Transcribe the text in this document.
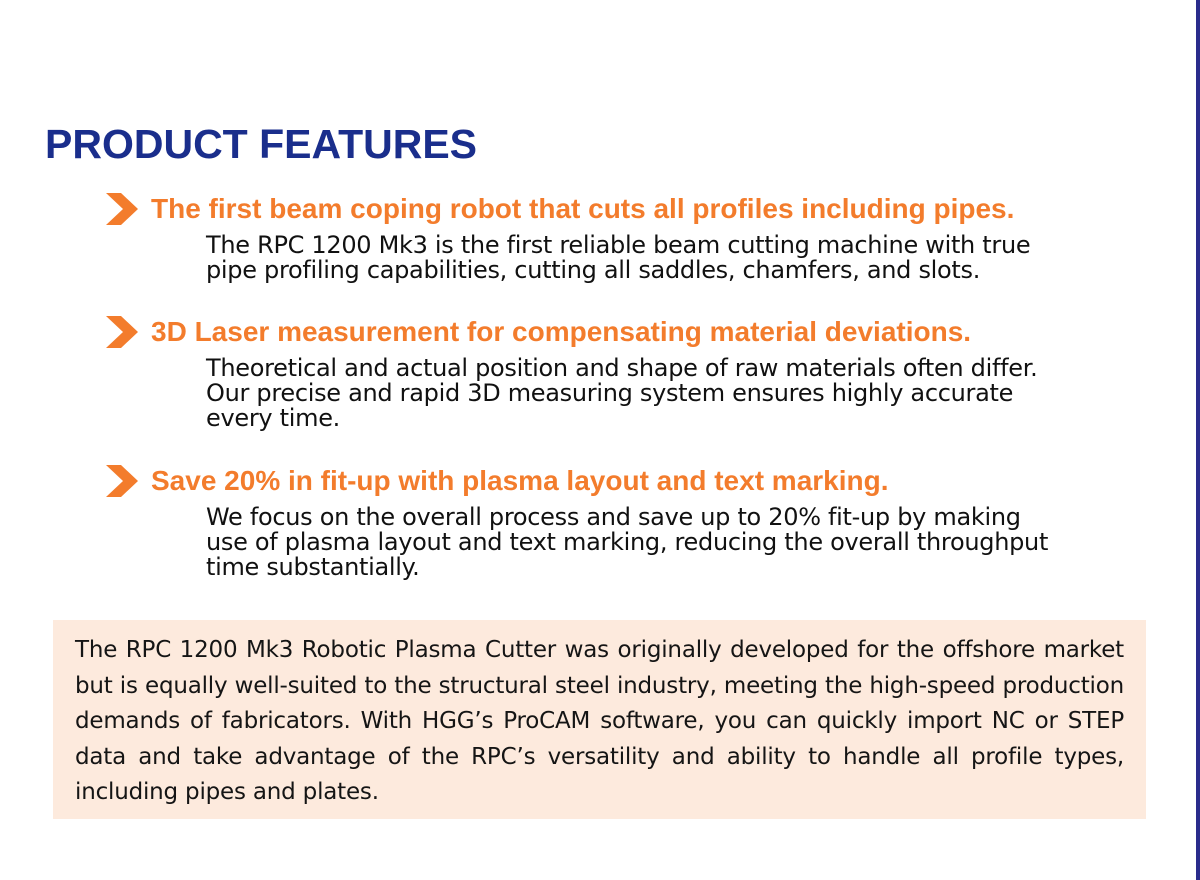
PRODUCT FEATURES
The first beam coping robot that cuts all profiles including pipes.
The RPC 1200 Mk3 is the first reliable beam cutting machine with true
pipe profiling capabilities, cutting all saddles, chamfers, and slots.
3D Laser measurement for compensating material deviations.
Theoretical and actual position and shape of raw materials often differ.
Our precise and rapid 3D measuring system ensures highly accurate
every time.
Save 20% in fit-up with plasma layout and text marking.
We focus on the overall process and save up to 20% fit-up by making
use of plasma layout and text marking, reducing the overall throughput
time substantially.

The RPC 1200 Mk3 Robotic Plasma Cutter was originally developed for the offshore market but is equally well-suited to the structural steel industry, meeting the high-speed production demands of fabricators. With HGG’s ProCAM software, you can quickly import NC or STEP data and take advantage of the RPC’s versatility and ability to handle all profile types, including pipes and plates.
